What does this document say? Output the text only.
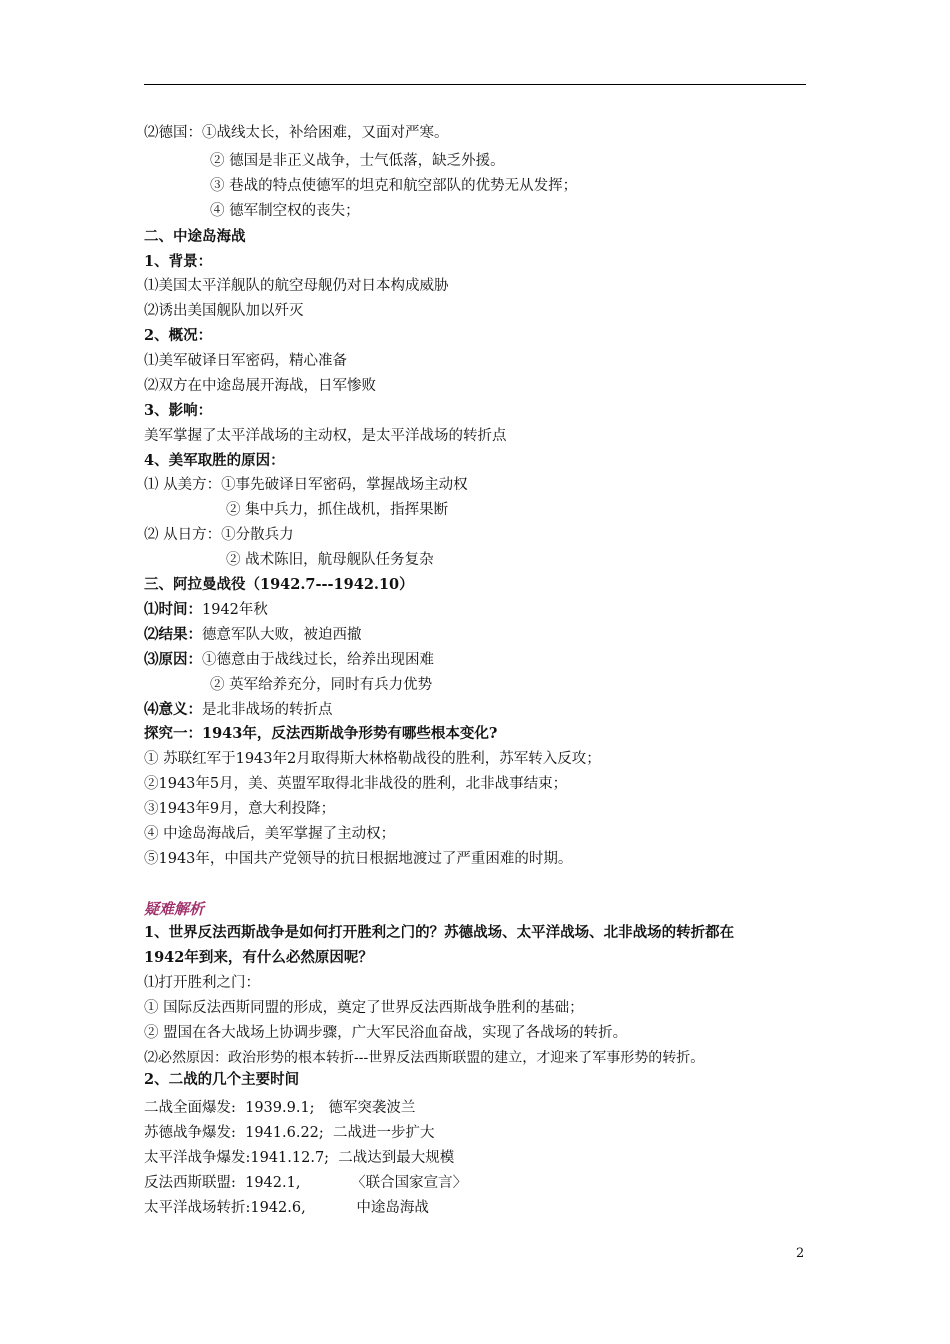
⑵德国：①战线太长，补给困难，又面对严寒。
② 德国是非正义战争，士气低落，缺乏外援。
③ 巷战的特点使德军的坦克和航空部队的优势无从发挥；
④ 德军制空权的丧失；
二、中途岛海战
1、背景：
⑴美国太平洋舰队的航空母舰仍对日本构成威胁
⑵诱出美国舰队加以歼灭
2、概况：
⑴美军破译日军密码，精心准备
⑵双方在中途岛展开海战，日军惨败
3、影响：
美军掌握了太平洋战场的主动权，是太平洋战场的转折点
4、美军取胜的原因：
⑴ 从美方：①事先破译日军密码，掌握战场主动权
② 集中兵力，抓住战机，指挥果断
⑵ 从日方：①分散兵力
② 战术陈旧，航母舰队任务复杂
三、阿拉曼战役（1942.7---1942.10）
⑴时间：1942年秋
⑵结果：德意军队大败，被迫西撤
⑶原因：①德意由于战线过长，给养出现困难
② 英军给养充分，同时有兵力优势
⑷意义：是北非战场的转折点
探究一：1943年，反法西斯战争形势有哪些根本变化?
① 苏联红军于1943年2月取得斯大林格勒战役的胜利，苏军转入反攻；
②1943年5月，美、英盟军取得北非战役的胜利，北非战事结束；
③1943年9月，意大利投降；
④ 中途岛海战后，美军掌握了主动权；
⑤1943年，中国共产党领导的抗日根据地渡过了严重困难的时期。
疑难解析
1、世界反法西斯战争是如何打开胜利之门的？苏德战场、太平洋战场、北非战场的转折都在
1942年到来，有什么必然原因呢？
⑴打开胜利之门：
① 国际反法西斯同盟的形成，奠定了世界反法西斯战争胜利的基础；
② 盟国在各大战场上协调步骤，广大军民浴血奋战，实现了各战场的转折。
⑵必然原因：政治形势的根本转折---世界反法西斯联盟的建立，才迎来了军事形势的转折。
2、二战的几个主要时间
二战全面爆发:  1939.9.1;   德军突袭波兰
苏德战争爆发:  1941.6.22;  二战进一步扩大
太平洋战争爆发:1941.12.7;  二战达到最大规模
反法西斯联盟:  1942.1,           〈联合国家宣言〉
太平洋战场转折:1942.6,           中途岛海战
2
